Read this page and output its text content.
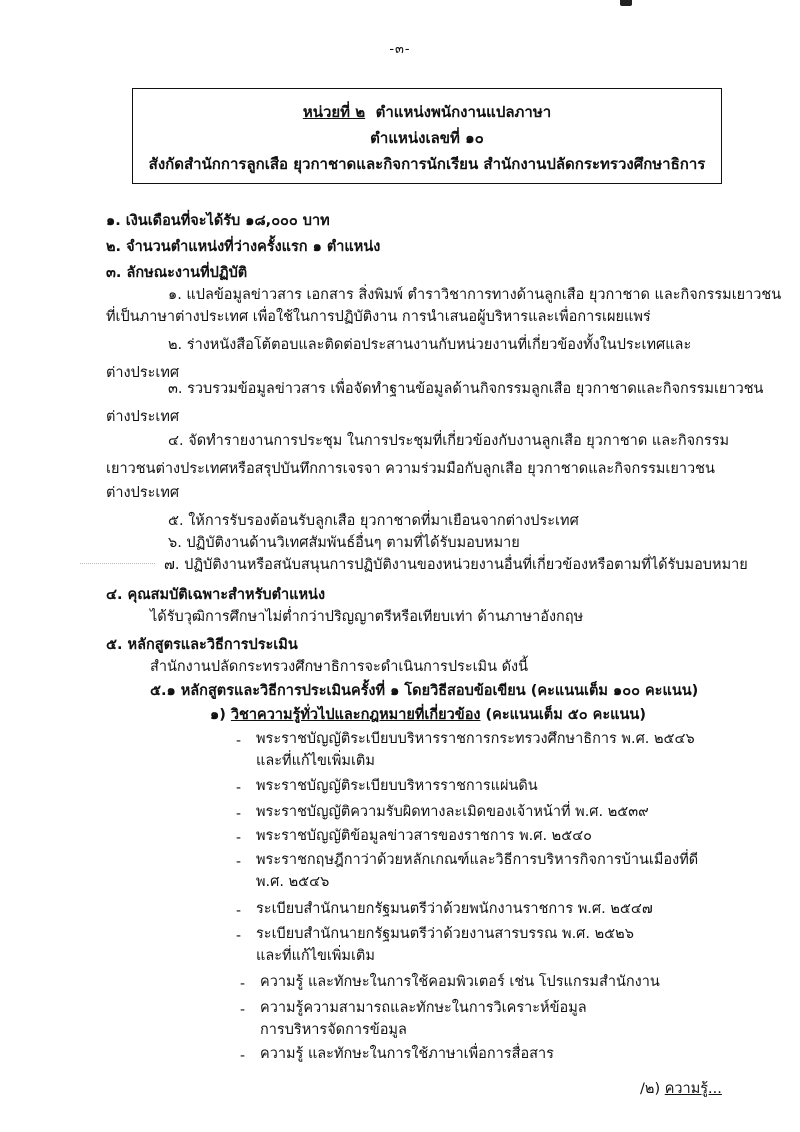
-๓-
หน่วยที่ ๒ ตำแหน่งพนักงานแปลภาษา
ตำแหน่งเลขที่ ๑๐
สังกัดสำนักการลูกเสือ ยุวกาชาดและกิจการนักเรียน สำนักงานปลัดกระทรวงศึกษาธิการ
๑. เงินเดือนที่จะได้รับ ๑๘,๐๐๐ บาท
๒. จำนวนตำแหน่งที่ว่างครั้งแรก ๑ ตำแหน่ง
๓. ลักษณะงานที่ปฏิบัติ
๑. แปลข้อมูลข่าวสาร เอกสาร สิ่งพิมพ์ ตำราวิชาการทางด้านลูกเสือ ยุวกาชาด และกิจกรรมเยาวชน
ที่เป็นภาษาต่างประเทศ เพื่อใช้ในการปฏิบัติงาน การนำเสนอผู้บริหารและเพื่อการเผยแพร่
๒. ร่างหนังสือโต้ตอบและติดต่อประสานงานกับหน่วยงานที่เกี่ยวข้องทั้งในประเทศและ
ต่างประเทศ
๓. รวบรวมข้อมูลข่าวสาร เพื่อจัดทำฐานข้อมูลด้านกิจกรรมลูกเสือ ยุวกาชาดและกิจกรรมเยาวชน
ต่างประเทศ
๔. จัดทำรายงานการประชุม ในการประชุมที่เกี่ยวข้องกับงานลูกเสือ ยุวกาชาด และกิจกรรม
เยาวชนต่างประเทศหรือสรุปบันทึกการเจรจา ความร่วมมือกับลูกเสือ ยุวกาชาดและกิจกรรมเยาวชน
ต่างประเทศ
๕. ให้การรับรองต้อนรับลูกเสือ ยุวกาชาดที่มาเยือนจากต่างประเทศ
๖. ปฏิบัติงานด้านวิเทศสัมพันธ์อื่นๆ ตามที่ได้รับมอบหมาย
๗. ปฏิบัติงานหรือสนับสนุนการปฏิบัติงานของหน่วยงานอื่นที่เกี่ยวข้องหรือตามที่ได้รับมอบหมาย
๔. คุณสมบัติเฉพาะสำหรับตำแหน่ง
ได้รับวุฒิการศึกษาไม่ต่ำกว่าปริญญาตรีหรือเทียบเท่า ด้านภาษาอังกฤษ
๕. หลักสูตรและวิธีการประเมิน
สำนักงานปลัดกระทรวงศึกษาธิการจะดำเนินการประเมิน ดังนี้
๕.๑ หลักสูตรและวิธีการประเมินครั้งที่ ๑ โดยวิธีสอบข้อเขียน (คะแนนเต็ม ๑๐๐ คะแนน)
๑) วิชาความรู้ทั่วไปและกฎหมายที่เกี่ยวข้อง (คะแนนเต็ม ๕๐ คะแนน)
- พระราชบัญญัติระเบียบบริหารราชการกระทรวงศึกษาธิการ พ.ศ. ๒๕๔๖
และที่แก้ไขเพิ่มเติม
- พระราชบัญญัติระเบียบบริหารราชการแผ่นดิน
- พระราชบัญญัติความรับผิดทางละเมิดของเจ้าหน้าที่ พ.ศ. ๒๕๓๙
- พระราชบัญญัติข้อมูลข่าวสารของราชการ พ.ศ. ๒๕๔๐
- พระราชกฤษฎีกาว่าด้วยหลักเกณฑ์และวิธีการบริหารกิจการบ้านเมืองที่ดี
พ.ศ. ๒๕๔๖
- ระเบียบสำนักนายกรัฐมนตรีว่าด้วยพนักงานราชการ พ.ศ. ๒๕๔๗
- ระเบียบสำนักนายกรัฐมนตรีว่าด้วยงานสารบรรณ พ.ศ. ๒๕๒๖
และที่แก้ไขเพิ่มเติม
- ความรู้ และทักษะในการใช้คอมพิวเตอร์ เช่น โปรแกรมสำนักงาน
- ความรู้ความสามารถและทักษะในการวิเคราะห์ข้อมูล
การบริหารจัดการข้อมูล
- ความรู้ และทักษะในการใช้ภาษาเพื่อการสื่อสาร
/๒) ความรู้...
